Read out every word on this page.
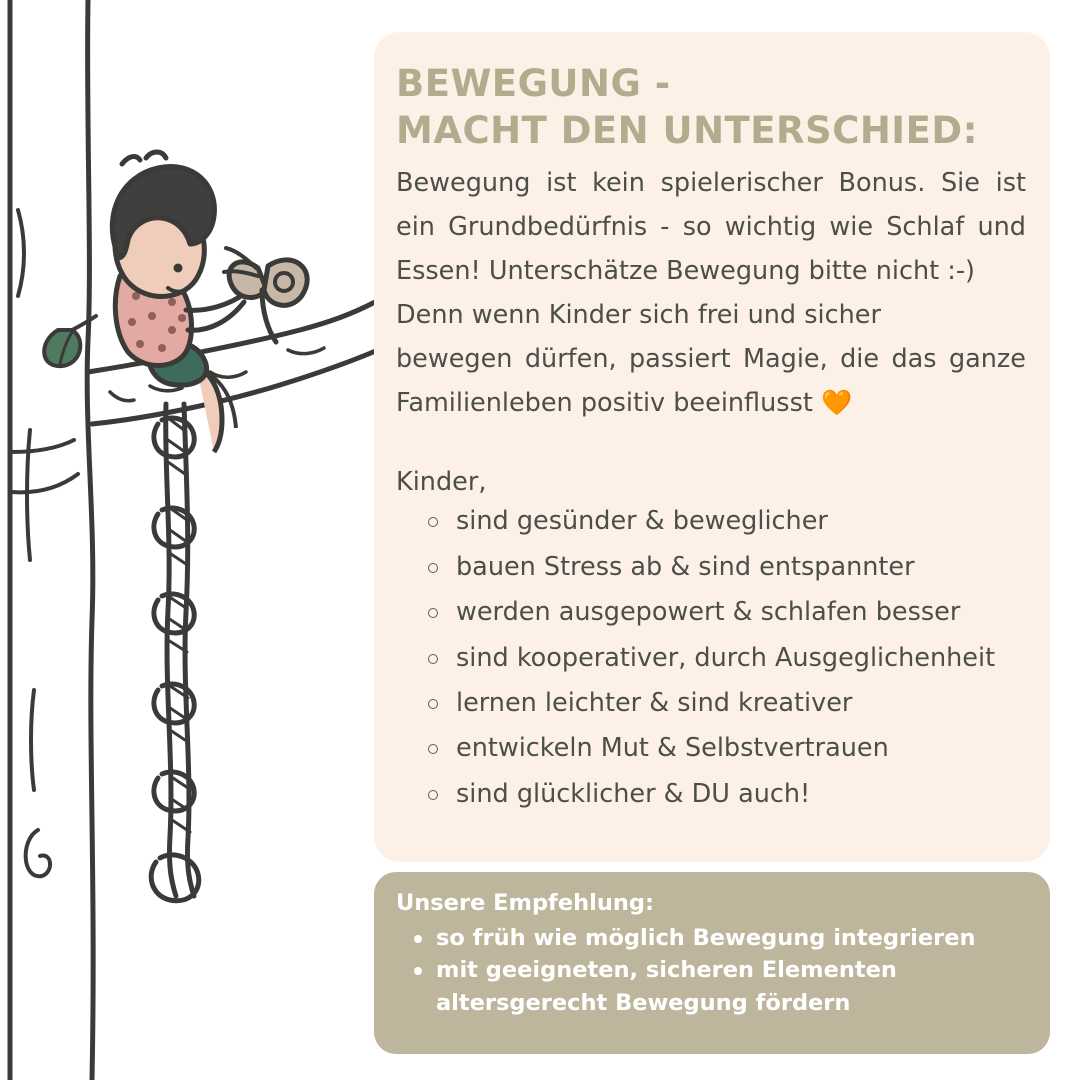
BEWEGUNG -
MACHT DEN UNTERSCHIED:

Bewegung ist kein spielerischer Bonus. Sie ist ein Grundbedürfnis - so wichtig wie Schlaf und Essen! Unterschätze Bewegung bitte nicht :-)

Denn wenn Kinder sich frei und sicher
bewegen dürfen, passiert Magie, die das ganze Familienleben positiv beeinflusst 🧡

Kinder,

sind gesünder & beweglicher
bauen Stress ab & sind entspannter
werden ausgepowert & schlafen besser
sind kooperativer, durch Ausgeglichenheit
lernen leichter & sind kreativer
entwickeln Mut & Selbstvertrauen
sind glücklicher & DU auch!

Unsere Empfehlung:

so früh wie möglich Bewegung integrieren
mit geeigneten, sicheren Elementen
altersgerecht Bewegung fördern
